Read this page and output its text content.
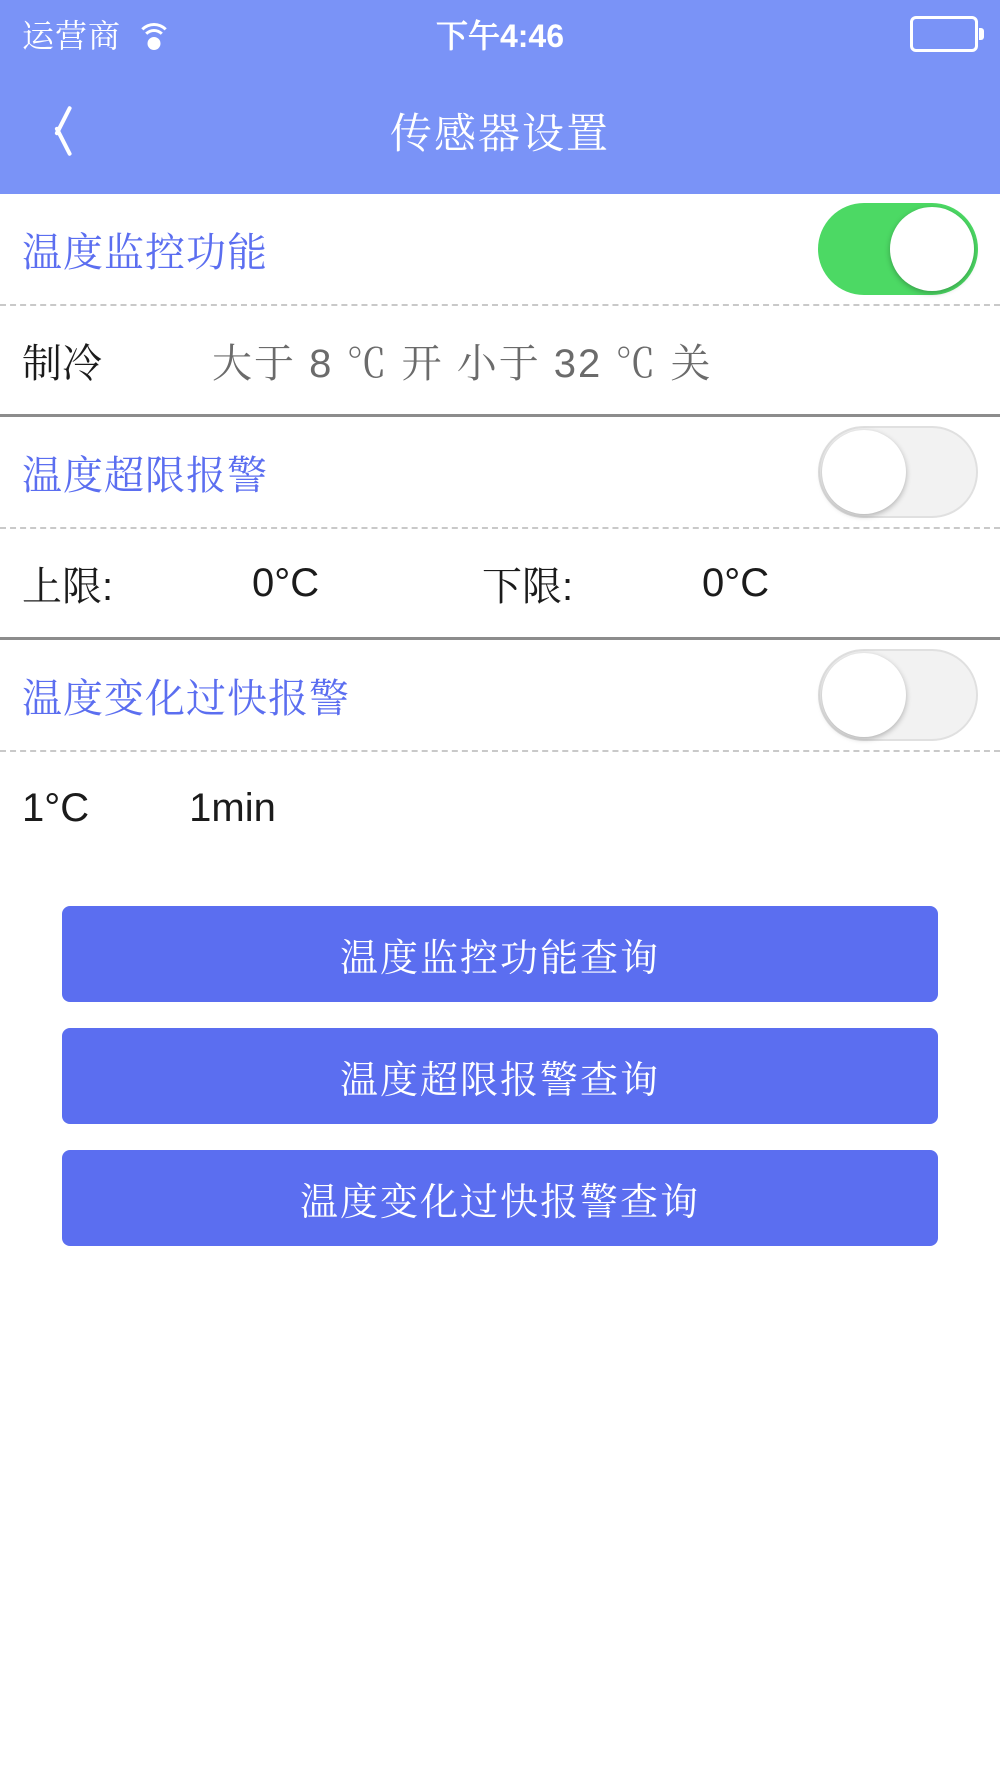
运营商	下午4:46
传感器设置
温度监控功能
制冷	大于 8 ℃ 开 小于 32 ℃ 关
温度超限报警
上限:	0°C	下限:	0°C
温度变化过快报警
1°C	1min
温度监控功能查询
温度超限报警查询
温度变化过快报警查询
